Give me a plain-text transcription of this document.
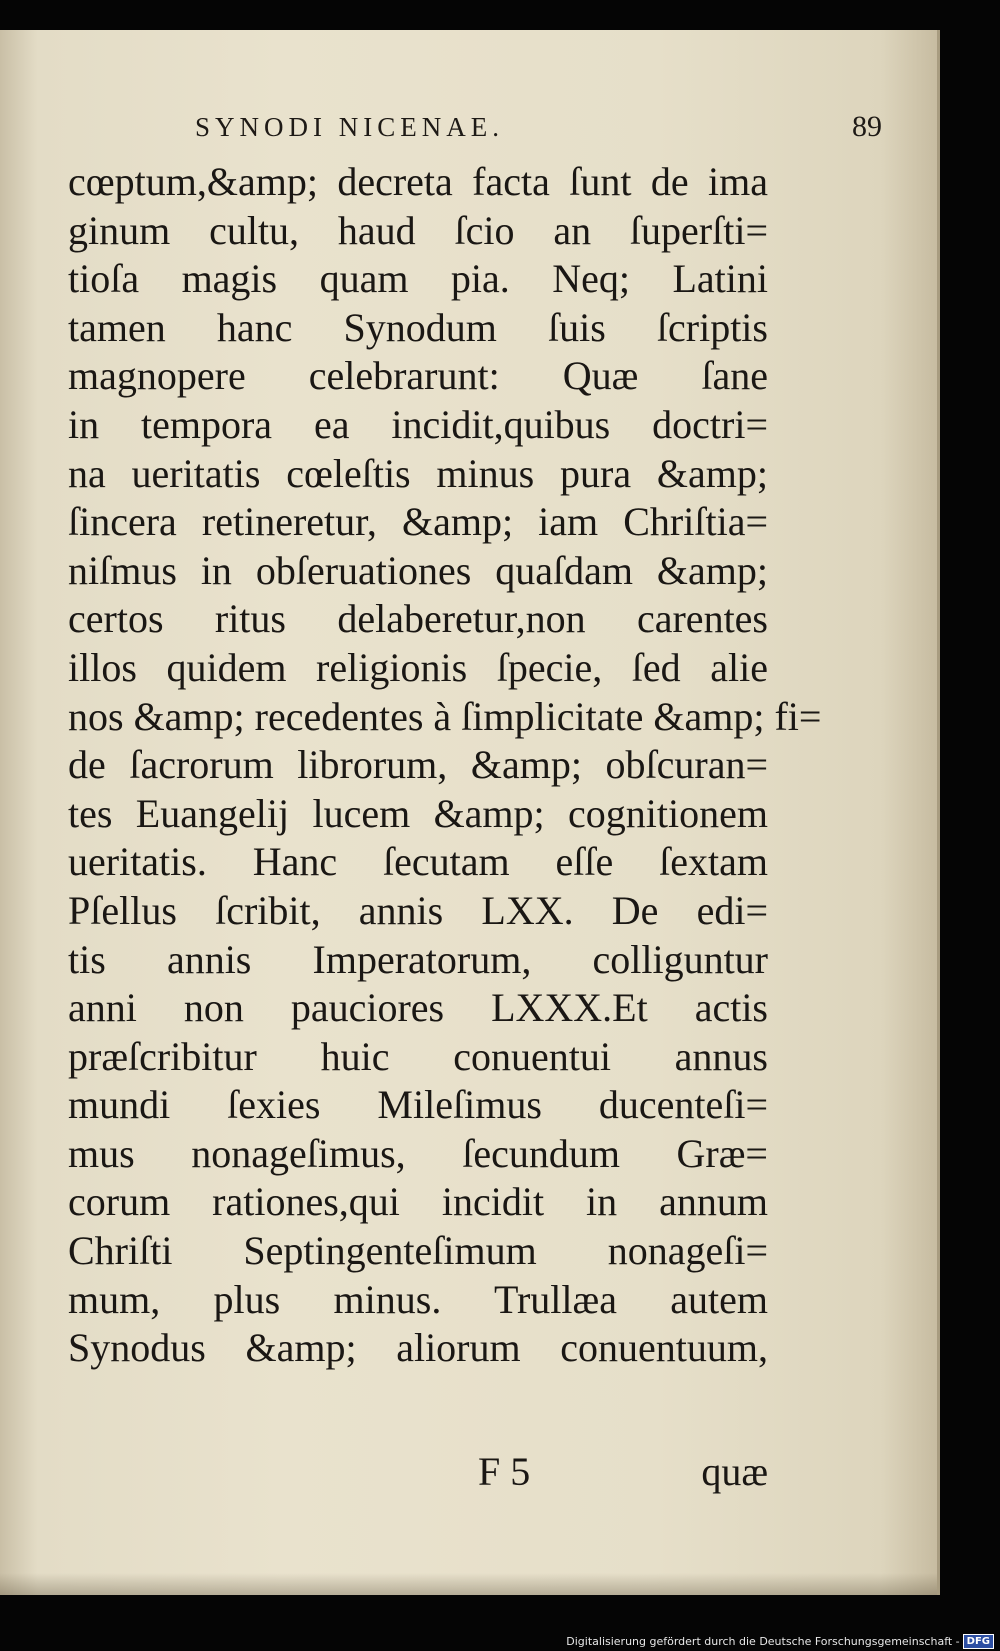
SYNODI NICENAE.	89
cœptum,&amp; decreta facta ſunt de ima
ginum cultu, haud ſcio an ſuperſti=
tioſa magis quam pia. Neq; Latini
tamen hanc Synodum ſuis ſcriptis
magnopere celebrarunt: Quæ ſane
in tempora ea incidit,quibus doctri=
na ueritatis cœleſtis minus pura &amp;
ſincera retineretur, &amp; iam Chriſtia=
niſmus in obſeruationes quaſdam &amp;
certos ritus delaberetur,non carentes
illos quidem religionis ſpecie, ſed alie
nos &amp; recedentes à ſimplicitate &amp; fi=
de ſacrorum librorum, &amp; obſcuran=
tes Euangelij lucem &amp; cognitionem
ueritatis. Hanc ſecutam eſſe ſextam
Pſellus ſcribit, annis LXX. De edi=
tis annis Imperatorum, colliguntur
anni non pauciores LXXX.Et actis
præſcribitur huic conuentui annus
mundi ſexies Mileſimus ducenteſi=
mus nonageſimus, ſecundum Græ=
corum rationes,qui incidit in annum
Chriſti Septingenteſimum nonageſi=
mum, plus minus. Trullæa autem
Synodus &amp; aliorum conuentuum,
F 5	quæ
Digitalisierung gefördert durch die Deutsche Forschungsgemeinschaft - DFG
